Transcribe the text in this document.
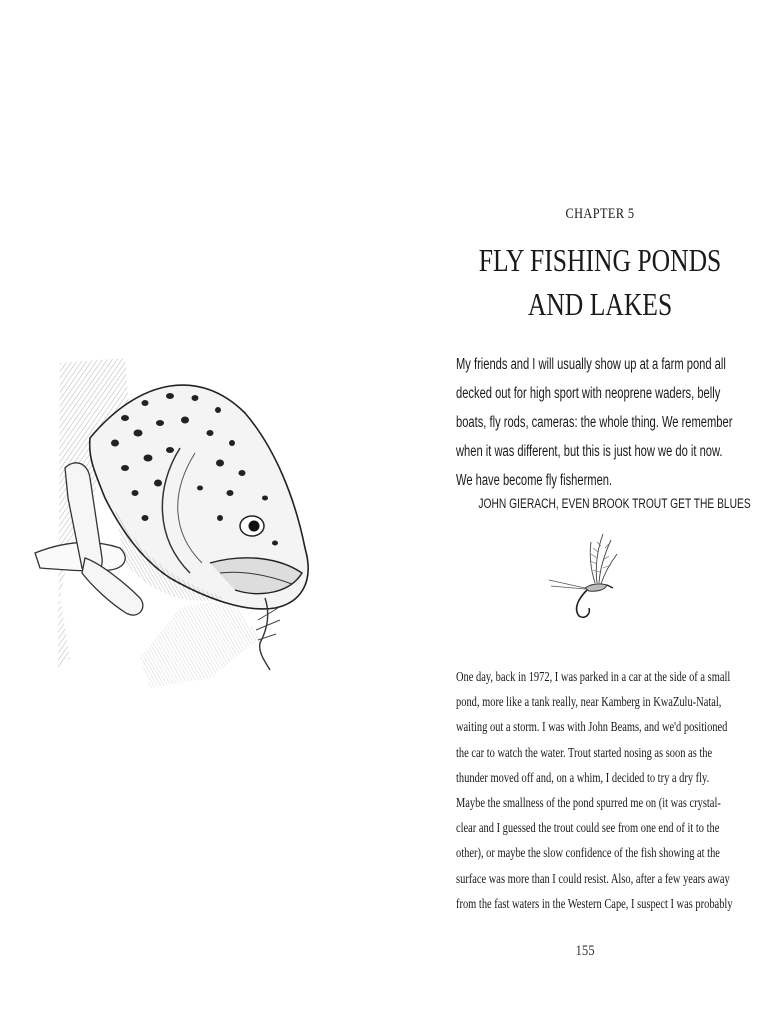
CHAPTER 5
FLY FISHING PONDS
AND LAKES
My friends and I will usually show up at a farm pond all
decked out for high sport with neoprene waders, belly
boats, fly rods, cameras: the whole thing. We remember
when it was different, but this is just how we do it now.
We have become fly fishermen.
JOHN GIERACH, EVEN BROOK TROUT GET THE BLUES
One day, back in 1972, I was parked in a car at the side of a small
pond, more like a tank really, near Kamberg in KwaZulu-Natal,
waiting out a storm. I was with John Beams, and we'd positioned
the car to watch the water. Trout started nosing as soon as the
thunder moved off and, on a whim, I decided to try a dry fly.
Maybe the smallness of the pond spurred me on (it was crystal-
clear and I guessed the trout could see from one end of it to the
other), or maybe the slow confidence of the fish showing at the
surface was more than I could resist. Also, after a few years away
from the fast waters in the Western Cape, I suspect I was probably
155
